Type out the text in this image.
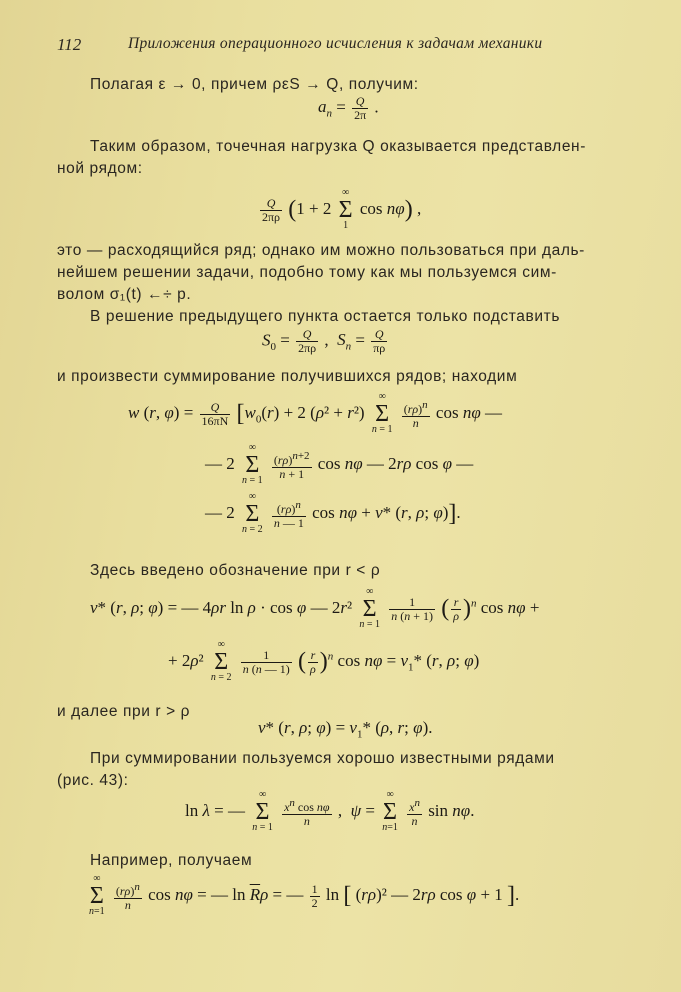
112	Приложения операционного исчисления к задачам механики
Полагая ε → 0, причем ρεS → Q, получим:
$a_n = \frac{Q}{2\pi}$ .
Таким образом, точечная нагрузка Q оказывается представлен-
ной рядом:
$\frac{Q}{2\pi\rho} (1 + 2$
∞
Σ
1
cos nφ) ,
это — расходящийся ряд; однако им можно пользоваться при даль-
нейшем решении задачи, подобно тому как мы пользуемся сим-
волом σ₁(t) ←÷ p.
В решение предыдущего пункта остается только подставить
$S_0 = \frac{Q}{2\pi\rho}$ ,  $S_n = \frac{Q}{\pi\rho}$
и произвести суммирование получившихся рядов; находим
w (r, $\varphi) = \frac{Q}{16\pi N} [w_0(r) + 2$ (ρ² + r²)
∞
Σ
n = 1
$\frac{(r\rho)^n}{n}$ cos nφ —
— 2
∞
Σ
n = 1
$\frac{(r\rho)^{n+2}}{n + 1}$ cos nφ — 2rρ cos φ —
— 2
∞
Σ
n = 2
$\frac{(r\rho)^n}{n — 1}$ cos nφ + v* (r, ρ; φ)].
Здесь введено обозначение при r < ρ
v* (r, ρ; φ) = — 4ρr ln ρ · cos φ — 2r²
∞
Σ
n = 1

$\frac{1}{n (n + 1)}$ ( $\frac{r}{\rho} )^n$ cos nφ +
+ 2ρ²
∞
Σ
n = 2

$\frac{1}{n (n — 1)}$ ( $\frac{r}{\rho} )^n$ $\cos n\varphi = v_1*$ (r, ρ; φ)
и далее при r > ρ
v* (r, ρ; $\varphi) = v_1*$ (ρ, r; φ).
При суммировании пользуемся хорошо известными рядами
(рис. 43):
ln λ = —
∞
Σ
n = 1
$\frac{x^n \cos n\varphi}{n}$ ,  ψ =
∞
Σ
n=1
$\frac{x^n}{n}$ sin nφ.
Например, получаем
∞
Σ
n=1
$\frac{(r\rho)^n}{n}$ cos nφ = — $\ln \overline{R}\rho$ = — $\frac{1}{2}$ ln [ (rρ)² — 2rρ cos φ + 1 ].
